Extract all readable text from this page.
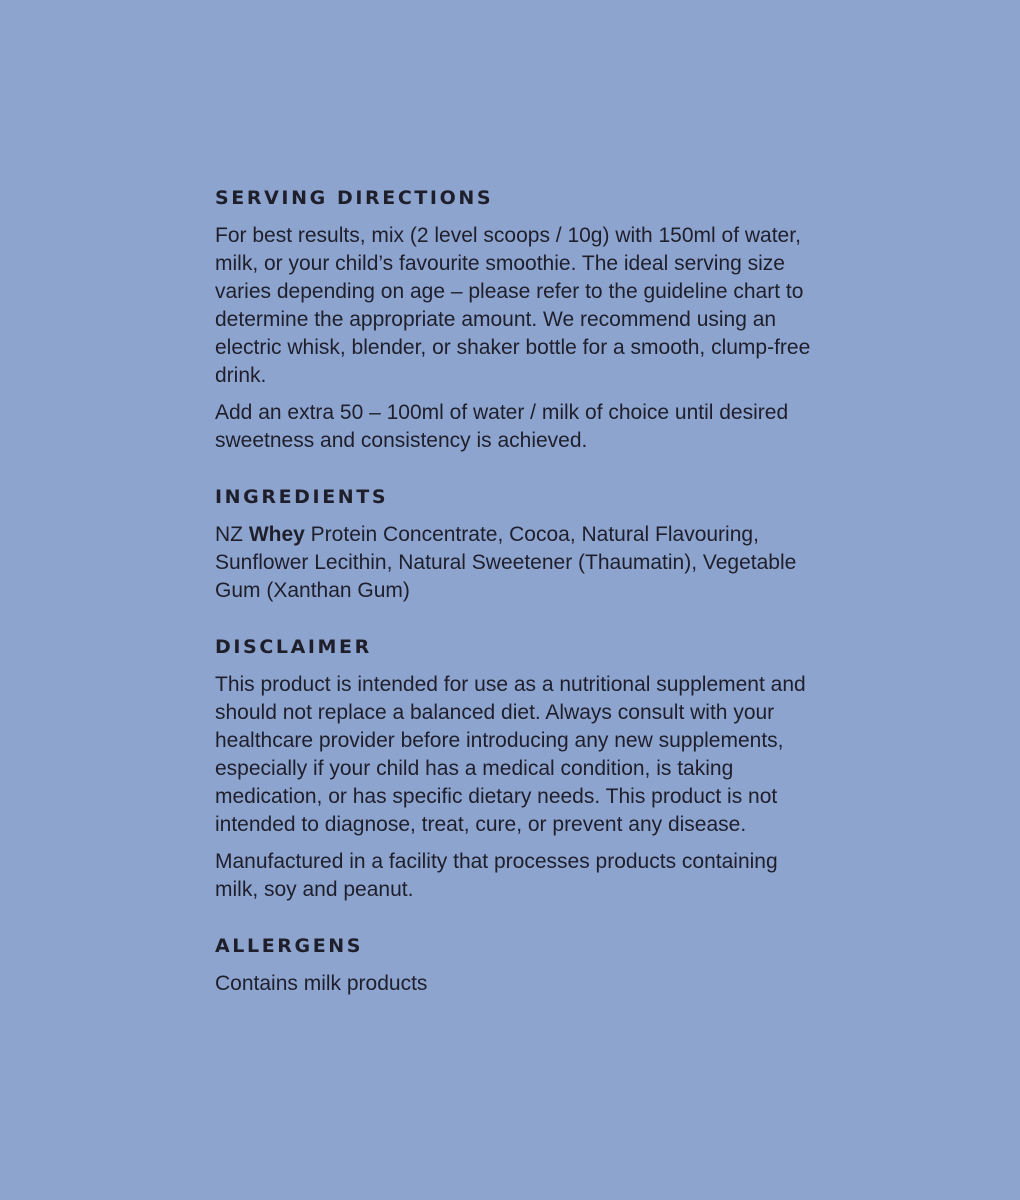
SERVING DIRECTIONS

For best results, mix (2 level scoops / 10g) with 150ml of water, milk, or your child’s favourite smoothie. The ideal serving size varies depending on age – please refer to the guideline chart to determine the appropriate amount. We recommend using an electric whisk, blender, or shaker bottle for a smooth, clump-free drink.

Add an extra 50 – 100ml of water / milk of choice until desired sweetness and consistency is achieved.

INGREDIENTS

NZ Whey Protein Concentrate, Cocoa, Natural Flavouring, Sunflower Lecithin, Natural Sweetener (Thaumatin), Vegetable Gum (Xanthan Gum)

DISCLAIMER

This product is intended for use as a nutritional supplement and should not replace a balanced diet. Always consult with your healthcare provider before introducing any new supplements, especially if your child has a medical condition, is taking medication, or has specific dietary needs. This product is not intended to diagnose, treat, cure, or prevent any disease.

Manufactured in a facility that processes products containing milk, soy and peanut.

ALLERGENS

Contains milk products
